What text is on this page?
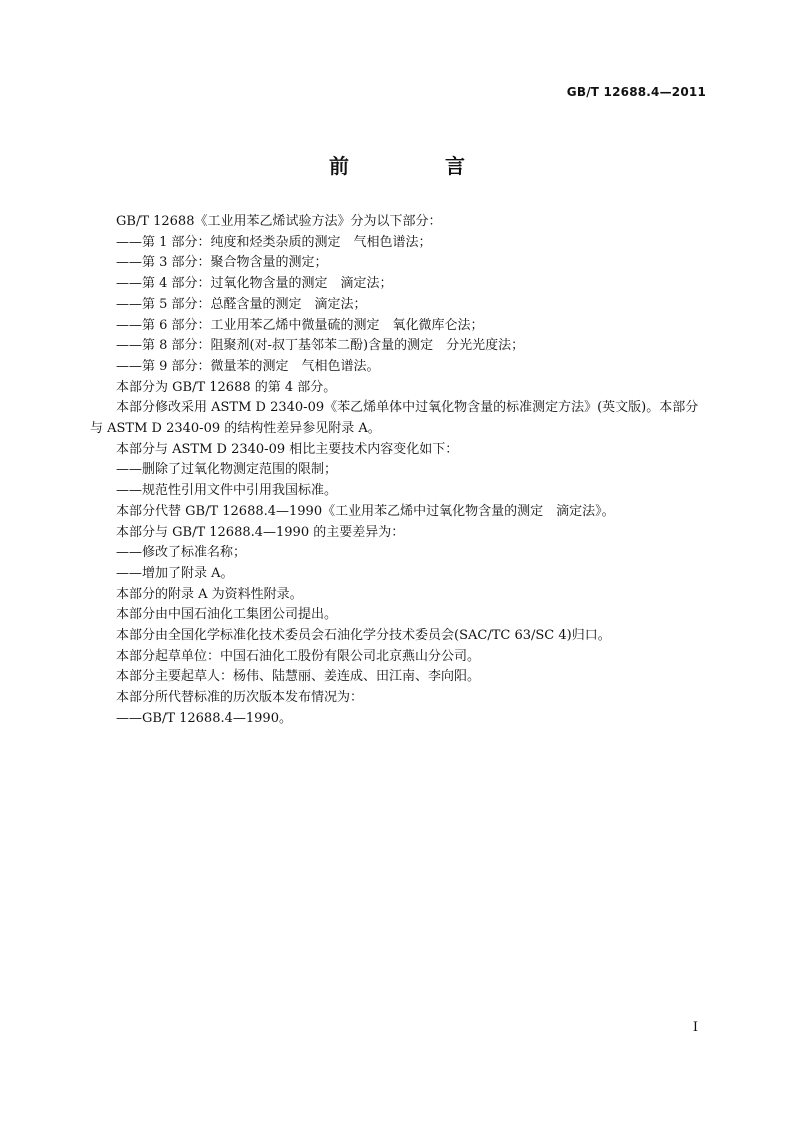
GB/T 12688.4—2011
前　言

GB/T 12688《工业用苯乙烯试验方法》分为以下部分：

——第 1 部分：纯度和烃类杂质的测定　气相色谱法；

——第 3 部分：聚合物含量的测定；

——第 4 部分：过氧化物含量的测定　滴定法；

——第 5 部分：总醛含量的测定　滴定法；

——第 6 部分：工业用苯乙烯中微量硫的测定　氧化微库仑法；

——第 8 部分：阻聚剂(对-叔丁基邻苯二酚)含量的测定　分光光度法；

——第 9 部分：微量苯的测定　气相色谱法。

本部分为 GB/T 12688 的第 4 部分。

本部分修改采用 ASTM D 2340-09《苯乙烯单体中过氧化物含量的标准测定方法》(英文版)。本部分与 ASTM D 2340-09 的结构性差异参见附录 A。

本部分与 ASTM D 2340-09 相比主要技术内容变化如下：

——删除了过氧化物测定范围的限制；

——规范性引用文件中引用我国标准。

本部分代替 GB/T 12688.4—1990《工业用苯乙烯中过氧化物含量的测定　滴定法》。

本部分与 GB/T 12688.4—1990 的主要差异为：

——修改了标准名称；

——增加了附录 A。

本部分的附录 A 为资料性附录。

本部分由中国石油化工集团公司提出。

本部分由全国化学标准化技术委员会石油化学分技术委员会(SAC/TC 63/SC 4)归口。

本部分起草单位：中国石油化工股份有限公司北京燕山分公司。

本部分主要起草人：杨伟、陆慧丽、姜连成、田江南、李向阳。

本部分所代替标准的历次版本发布情况为：

——GB/T 12688.4—1990。

I
